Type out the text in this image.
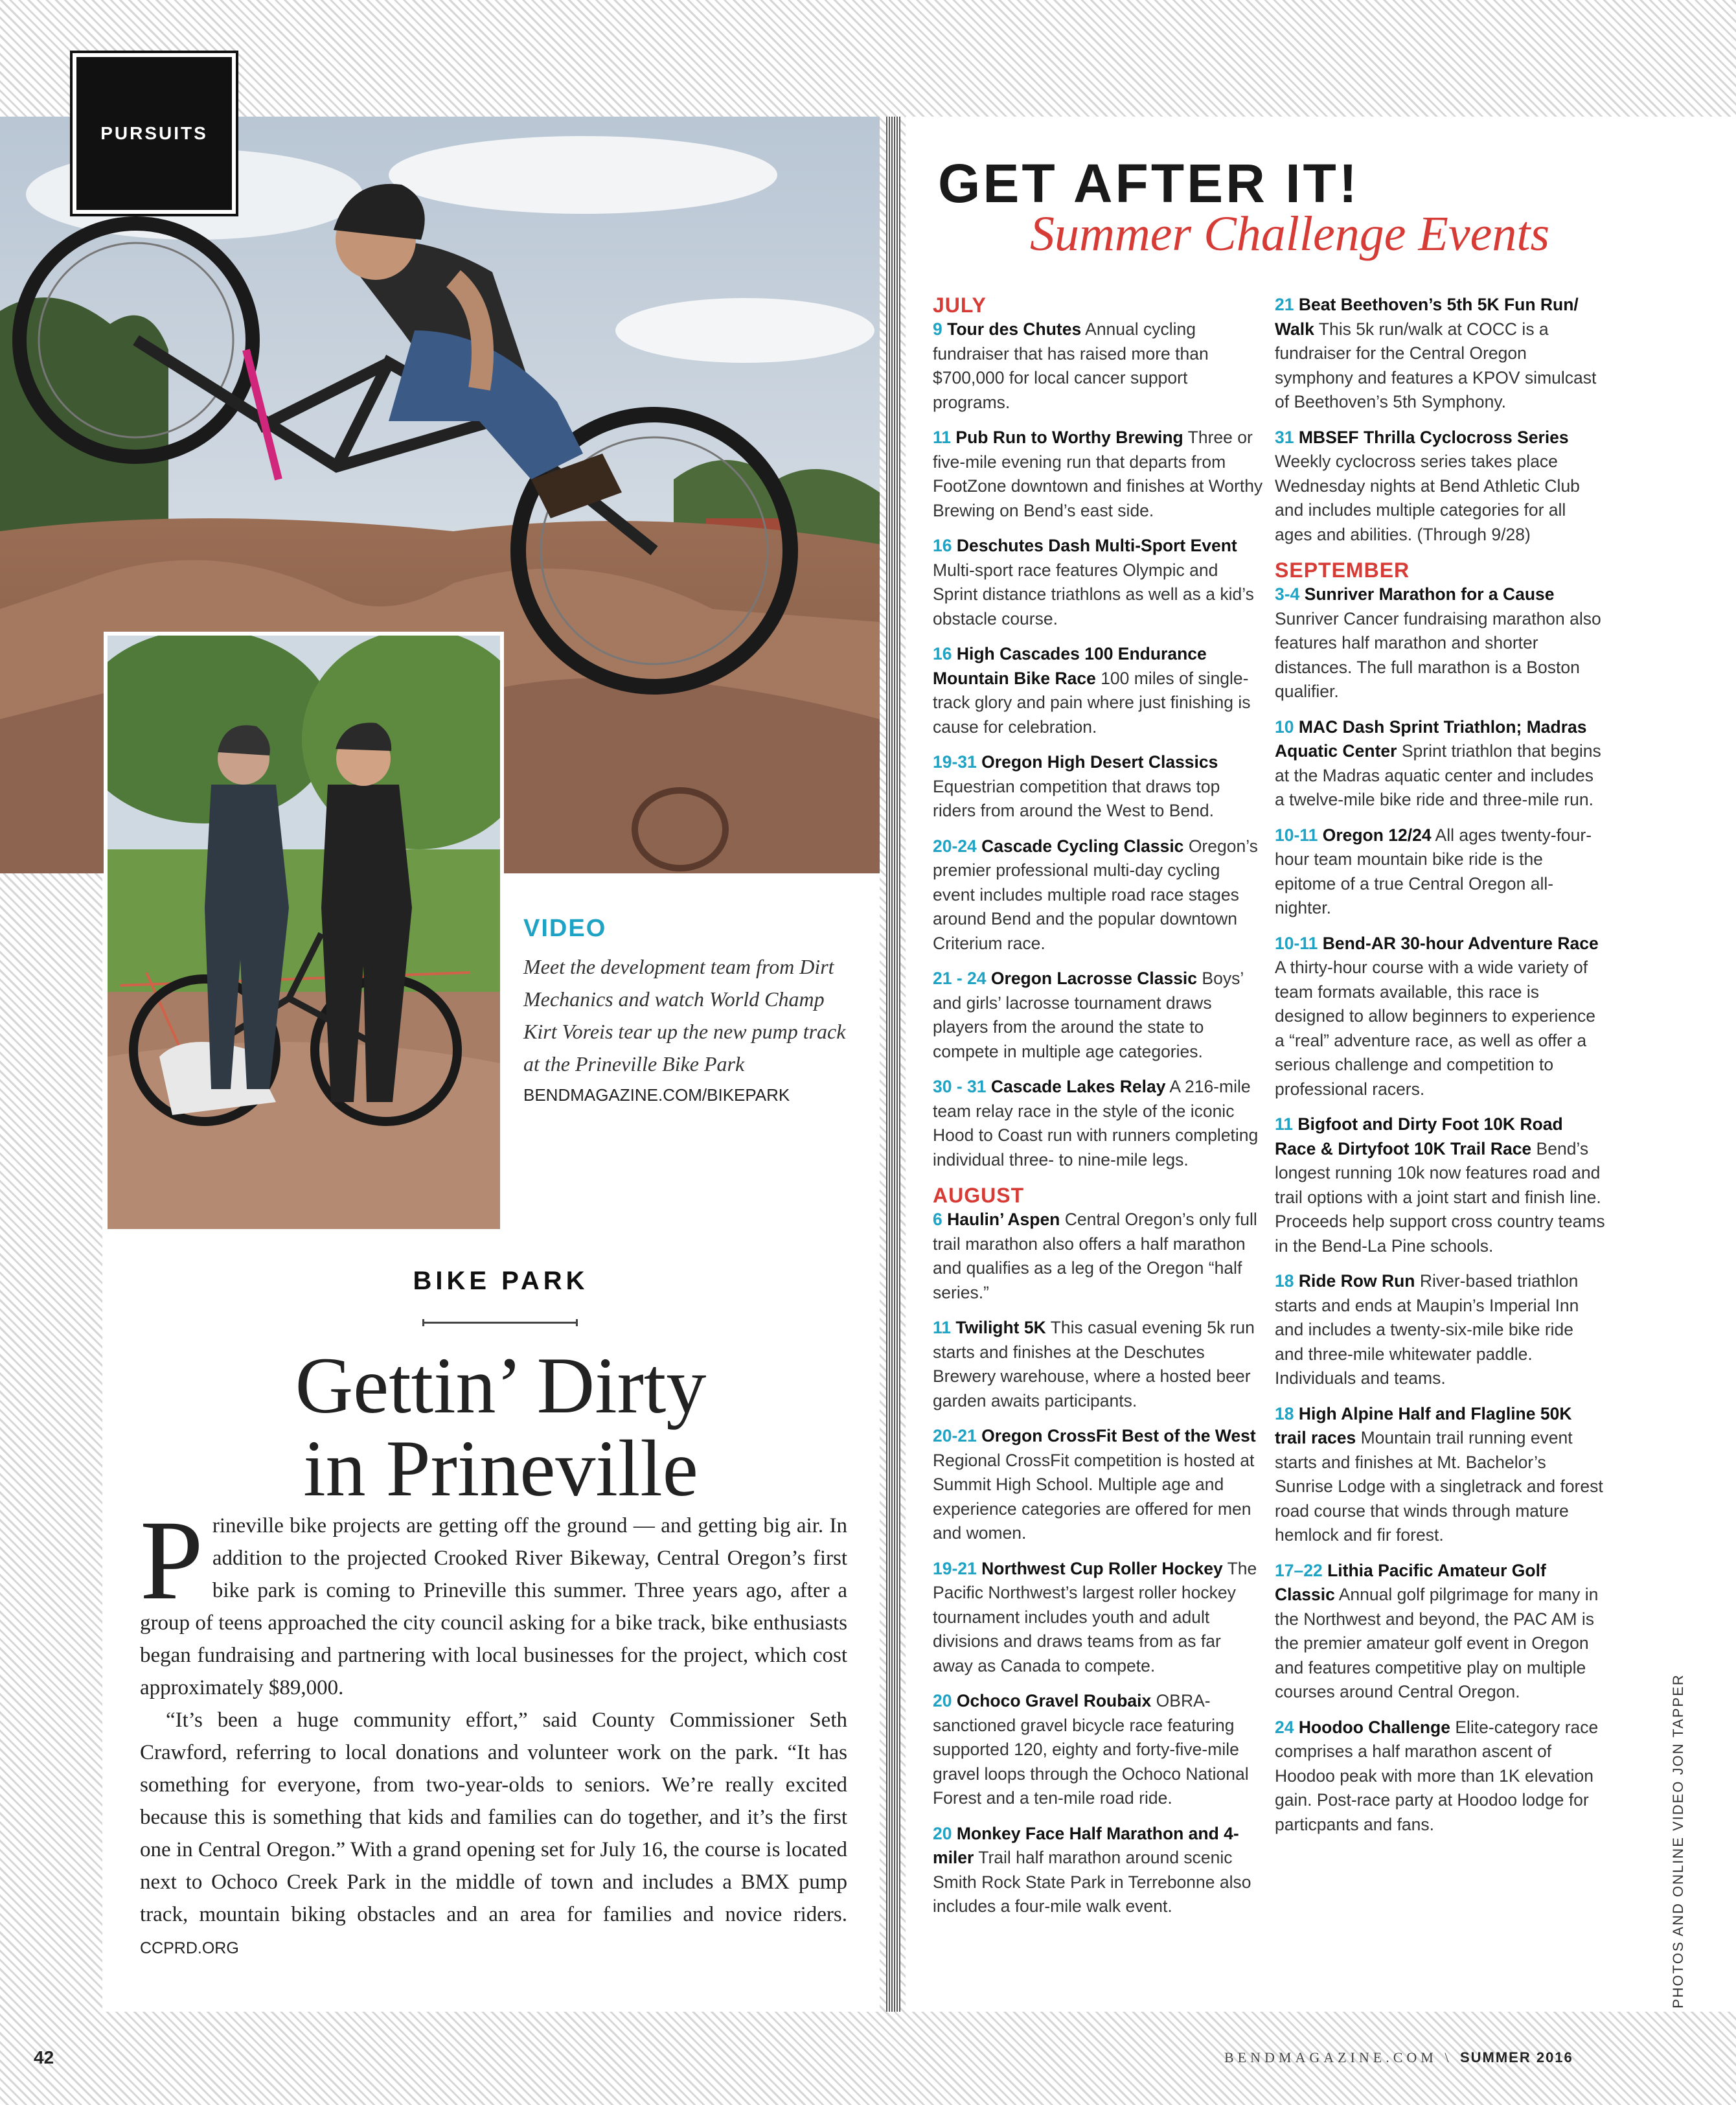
PURSUITS
VIDEO
Meet the development team from Dirt Mechanics and watch World Champ Kirt Voreis tear up the new pump track at the Prineville Bike Park
BENDMAGAZINE.COM/BIKEPARK
BIKE PARK
Gettin’ Dirty
in Prineville

Prineville bike projects are getting off the ground — and getting big air. In addition to the projected Crooked River Bikeway, Central Oregon’s first bike park is coming to Prineville this summer. Three years ago, after a group of teens approached the city council asking for a bike track, bike enthusiasts began fundraising and partnering with local businesses for the project, which cost approximately $89,000.

“It’s been a huge community effort,” said County Commissioner Seth Crawford, referring to local donations and volunteer work on the park. “It has something for everyone, from two-year-olds to seniors. We’re really excited because this is something that kids and families can do together, and it’s the first one in Central Oregon.” With a grand opening set for July 16, the course is located next to Ochoco Creek Park in the middle of town and includes a BMX pump track, mountain biking obstacles and an area for families and novice riders. CCPRD.ORG

GET AFTER IT!
Summer Challenge Events
JULY
9 Tour des Chutes Annual cycling fundraiser that has raised more than $700,000 for local cancer support programs.
11 Pub Run to Worthy Brewing Three or five-mile evening run that departs from FootZone downtown and finishes at Worthy Brewing on Bend’s east side.
16 Deschutes Dash Multi-Sport Event Multi-sport race features Olympic and Sprint distance triathlons as well as a kid’s obstacle course.
16 High Cascades 100 Endurance Mountain Bike Race 100 miles of single-track glory and pain where just finishing is cause for celebration.
19-31 Oregon High Desert Classics Equestrian competition that draws top riders from around the West to Bend.
20-24 Cascade Cycling Classic Oregon’s premier professional multi-day cycling event includes multiple road race stages around Bend and the popular downtown Criterium race.
21 - 24 Oregon Lacrosse Classic Boys’ and girls’ lacrosse tournament draws players from the around the state to compete in multiple age categories.
30 - 31 Cascade Lakes Relay A 216-mile team relay race in the style of the iconic Hood to Coast run with runners completing individual three- to nine-mile legs.
AUGUST
6 Haulin’ Aspen Central Oregon’s only full trail marathon also offers a half marathon and qualifies as a leg of the Oregon “half series.”
11 Twilight 5K This casual evening 5k run starts and finishes at the Deschutes Brewery warehouse, where a hosted beer garden awaits participants.
20-21 Oregon CrossFit Best of the West Regional CrossFit competition is hosted at Summit High School. Multiple age and experience categories are offered for men and women.
19-21 Northwest Cup Roller Hockey The Pacific Northwest’s largest roller hockey tournament includes youth and adult divisions and draws teams from as far away as Canada to compete.
20 Ochoco Gravel Roubaix OBRA-sanctioned gravel bicycle race featuring supported 120, eighty and forty-five-mile gravel loops through the Ochoco National Forest and a ten-mile road ride.
20 Monkey Face Half Marathon and 4-miler Trail half marathon around scenic Smith Rock State Park in Terrebonne also includes a four-mile walk event.
21 Beat Beethoven’s 5th 5K Fun Run/ Walk This 5k run/walk at COCC is a fundraiser for the Central Oregon symphony and features a KPOV simulcast of Beethoven’s 5th Symphony.
31 MBSEF Thrilla Cyclocross Series Weekly cyclocross series takes place Wednesday nights at Bend Athletic Club and includes multiple categories for all ages and abilities. (Through 9/28)
SEPTEMBER
3-4 Sunriver Marathon for a Cause Sunriver Cancer fundraising marathon also features half marathon and shorter distances. The full marathon is a Boston qualifier.
10 MAC Dash Sprint Triathlon; Madras Aquatic Center Sprint triathlon that begins at the Madras aquatic center and includes a twelve-mile bike ride and three-mile run.
10-11 Oregon 12/24 All ages twenty-four-hour team mountain bike ride is the epitome of a true Central Oregon all-nighter.
10-11 Bend-AR 30-hour Adventure Race A thirty-hour course with a wide variety of team formats available, this race is designed to allow beginners to experience a “real” adventure race, as well as offer a serious challenge and competition to professional racers.
11 Bigfoot and Dirty Foot 10K Road Race & Dirtyfoot 10K Trail Race Bend’s longest running 10k now features road and trail options with a joint start and finish line. Proceeds help support cross country teams in the Bend-La Pine schools.
18 Ride Row Run River-based triathlon starts and ends at Maupin’s Imperial Inn and includes a twenty-six-mile bike ride and three-mile whitewater paddle. Individuals and teams.
18 High Alpine Half and Flagline 50K trail races Mountain trail running event starts and finishes at Mt. Bachelor’s Sunrise Lodge with a singletrack and forest road course that winds through mature hemlock and fir forest.
17–22 Lithia Pacific Amateur Golf Classic Annual golf pilgrimage for many in the Northwest and beyond, the PAC AM is the premier amateur golf event in Oregon and features competitive play on multiple courses around Central Oregon.
24 Hoodoo Challenge Elite-category race comprises a half marathon ascent of Hoodoo peak with more than 1K elevation gain. Post-race party at Hoodoo lodge for particpants and fans.	PHOTOS AND ONLINE VIDEO JON TAPPER
42	BENDMAGAZINE.COM \ SUMMER 2016
